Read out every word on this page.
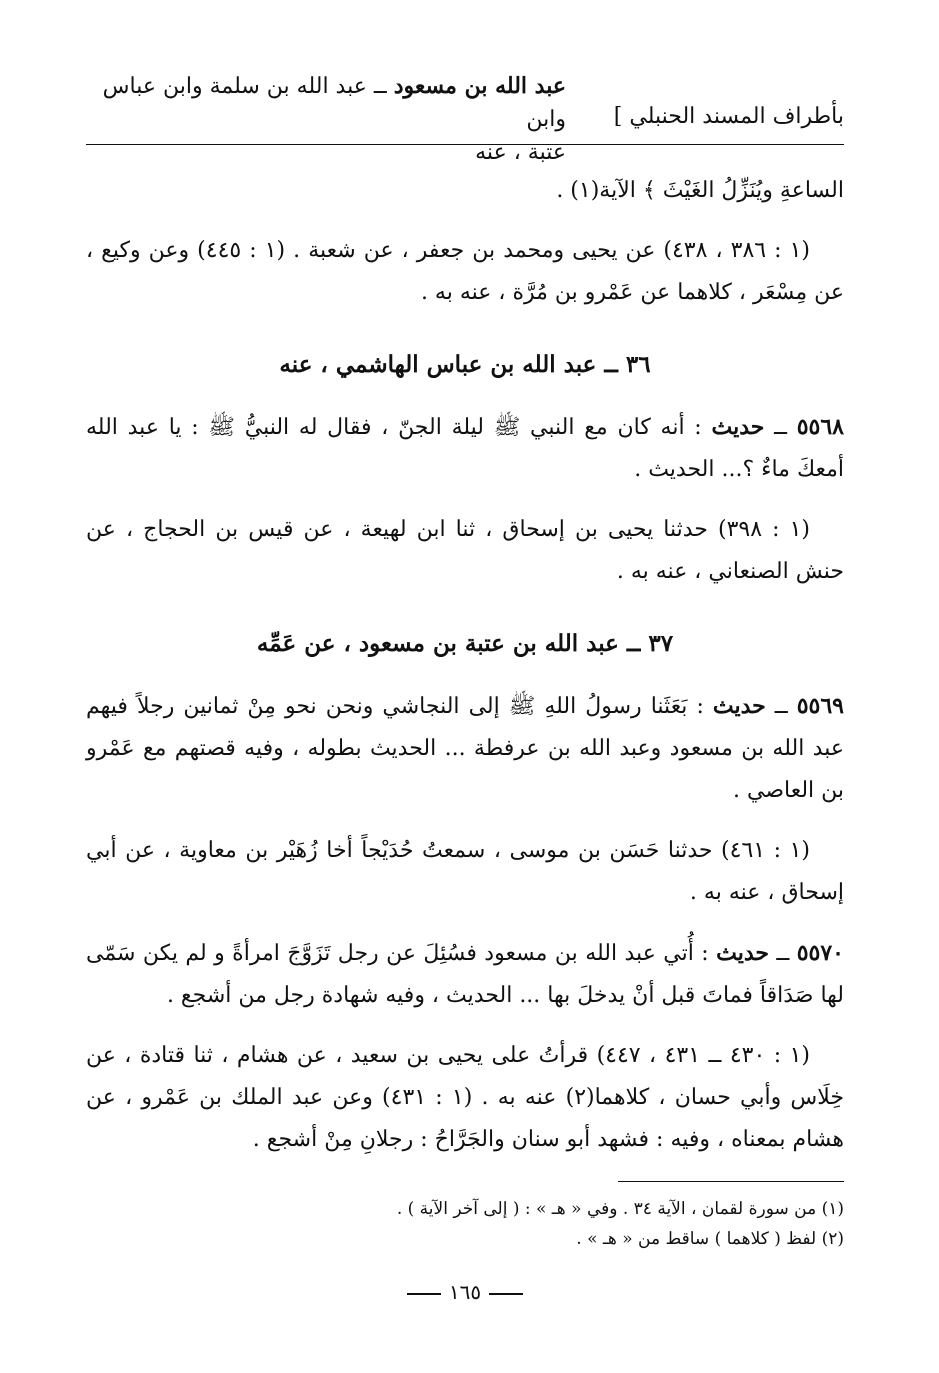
بأطراف المسند الحنبلي ]
عبد الله بن مسعود ــ عبد الله بن سلمة وابن عباس وابن
عتبة ، عنه

الساعةِ ويُنَزِّلُ الغَيْثَ ﴾ الآية(١) .

(١ : ٣٨٦ ، ٤٣٨) عن يحيى ومحمد بن جعفر ، عن شعبة . (١ : ٤٤٥) وعن وكيع ، عن مِسْعَر ، كلاهما عن عَمْرو بن مُرَّة ، عنه به .

٣٦ ــ عبد الله بن عباس الهاشمي ، عنه

٥٥٦٨ ــ حديث : أنه كان مع النبي ﷺ ليلة الجنّ ، فقال له النبيُّ ﷺ : يا عبد الله أمعكَ ماءٌ ؟... الحديث .

(١ : ٣٩٨) حدثنا يحيى بن إسحاق ، ثنا ابن لهيعة ، عن قيس بن الحجاج ، عن حنش الصنعاني ، عنه به .

٣٧ ــ عبد الله بن عتبة بن مسعود ، عن عَمِّه

٥٥٦٩ ــ حديث : بَعَثَنا رسولُ اللهِ ﷺ إلى النجاشي ونحن نحو مِنْ ثمانين رجلاً فيهم عبد الله بن مسعود وعبد الله بن عرفطة ... الحديث بطوله ، وفيه قصتهم مع عَمْرو بن العاصي .

(١ : ٤٦١) حدثنا حَسَن بن موسى ، سمعتُ حُدَيْجاً أخا زُهَيْر بن معاوية ، عن أبي إسحاق ، عنه به .

٥٥٧٠ ــ حديث : أُتي عبد الله بن مسعود فسُئِلَ عن رجل تَزَوَّجَ امرأةً و لم يكن سَمّى لها صَدَاقاً فماتَ قبل أنْ يدخلَ بها ... الحديث ، وفيه شهادة رجل من أشجع .

(١ : ٤٣٠ ــ ٤٣١ ، ٤٤٧) قرأتُ على يحيى بن سعيد ، عن هشام ، ثنا قتادة ، عن خِلَاس وأبي حسان ، كلاهما(٢) عنه به . (١ : ٤٣١) وعن عبد الملك بن عَمْرو ، عن هشام بمعناه ، وفيه : فشهد أبو سنان والجَرَّاحُ : رجلانِ مِنْ أشجع .

(١) من سورة لقمان ، الآية ٣٤ . وفي « هـ » : ( إلى آخر الآية ) .
(٢) لفظ ( كلاهما ) ساقط من « هـ » .
١٦٥
